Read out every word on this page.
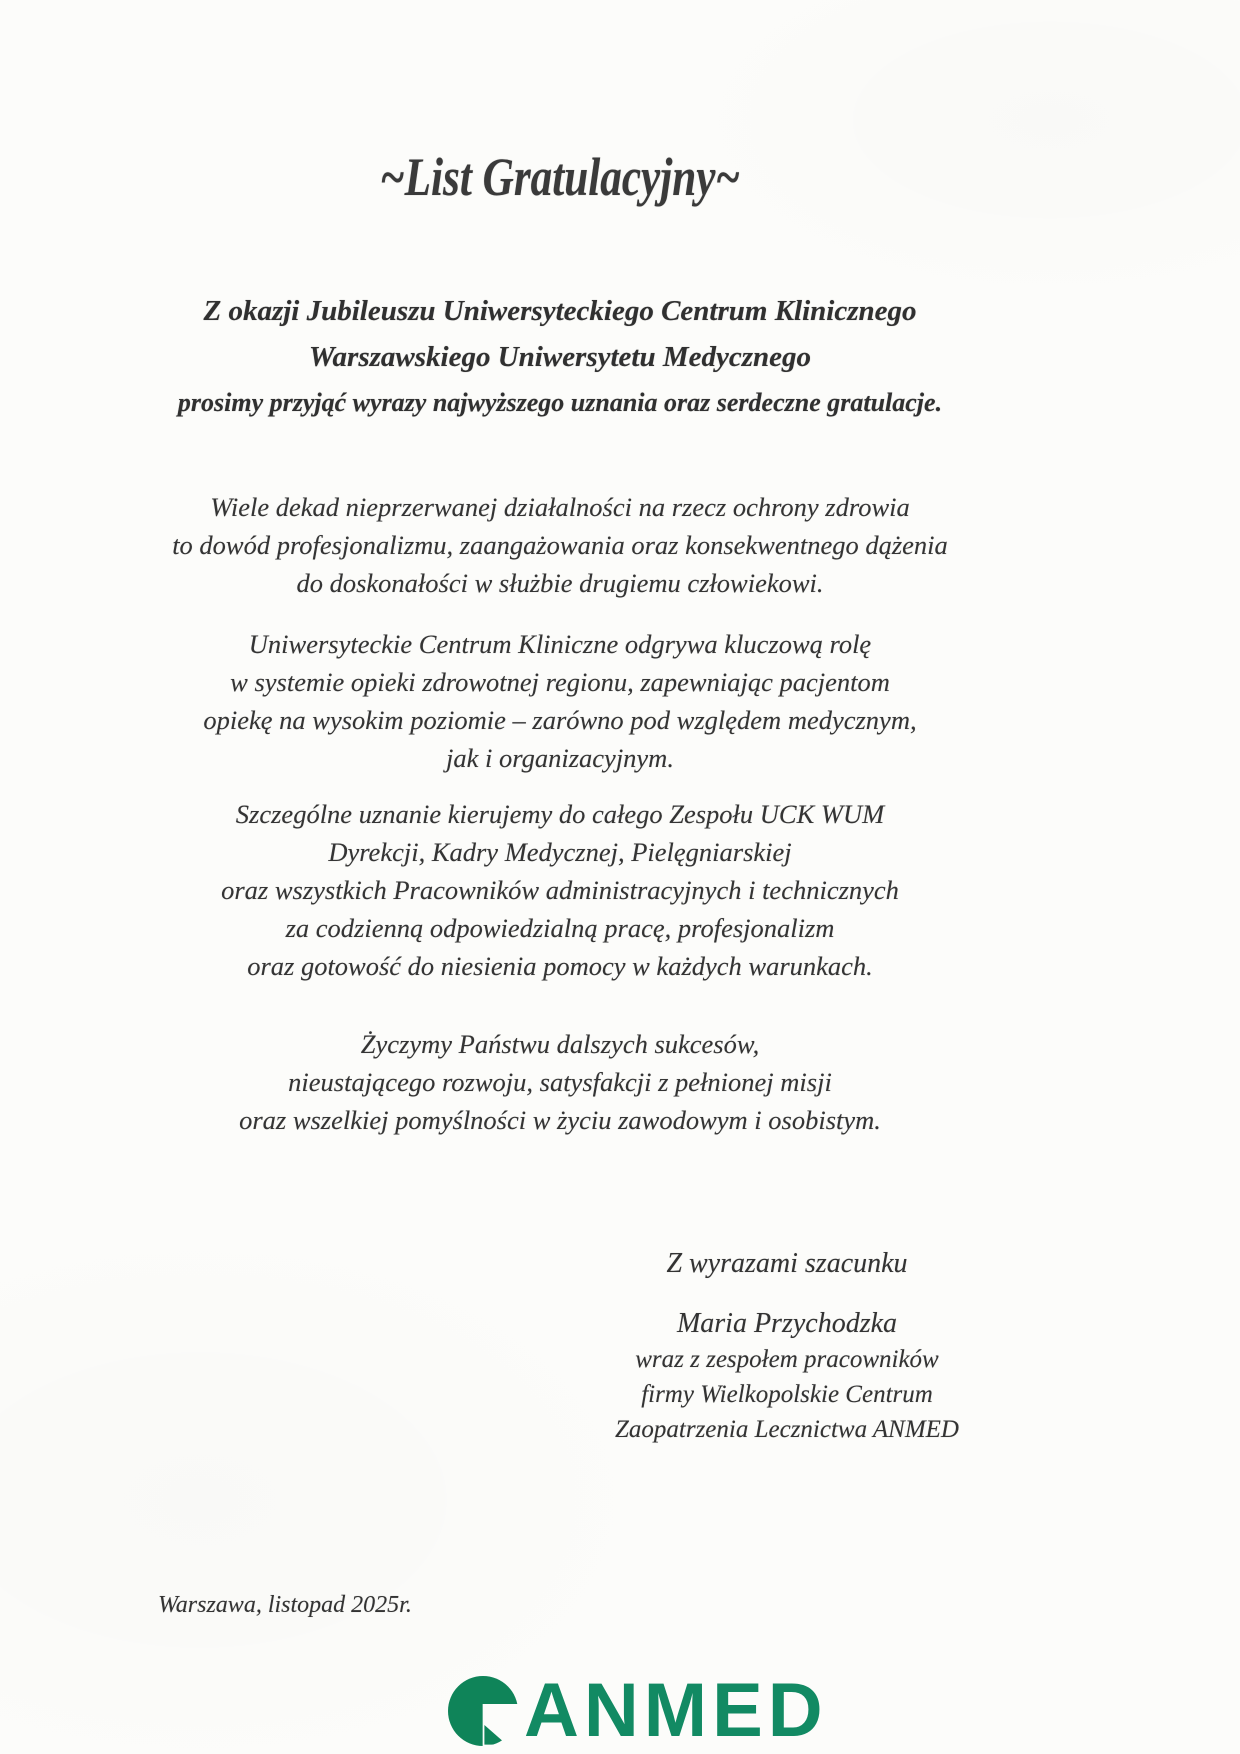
~List Gratulacyjny~
Z okazji Jubileuszu Uniwersyteckiego Centrum Klinicznego
Warszawskiego Uniwersytetu Medycznego
prosimy przyjąć wyrazy najwyższego uznania oraz serdeczne gratulacje.
Wiele dekad nieprzerwanej działalności na rzecz ochrony zdrowia
to dowód profesjonalizmu, zaangażowania oraz konsekwentnego dążenia
do doskonałości w służbie drugiemu człowiekowi.
Uniwersyteckie Centrum Kliniczne odgrywa kluczową rolę
w systemie opieki zdrowotnej regionu, zapewniając pacjentom
opiekę na wysokim poziomie – zarówno pod względem medycznym,
jak i organizacyjnym.
Szczególne uznanie kierujemy do całego Zespołu UCK WUM
Dyrekcji, Kadry Medycznej, Pielęgniarskiej
oraz wszystkich Pracowników administracyjnych i technicznych
za codzienną odpowiedzialną pracę, profesjonalizm
oraz gotowość do niesienia pomocy w każdych warunkach.
Życzymy Państwu dalszych sukcesów,
nieustającego rozwoju, satysfakcji z pełnionej misji
oraz wszelkiej pomyślności w życiu zawodowym i osobistym.
Z wyrazami szacunku
Maria Przychodzka
wraz z zespołem pracowników
firmy Wielkopolskie Centrum
Zaopatrzenia Lecznictwa ANMED
Warszawa, listopad 2025r.
ANMED
